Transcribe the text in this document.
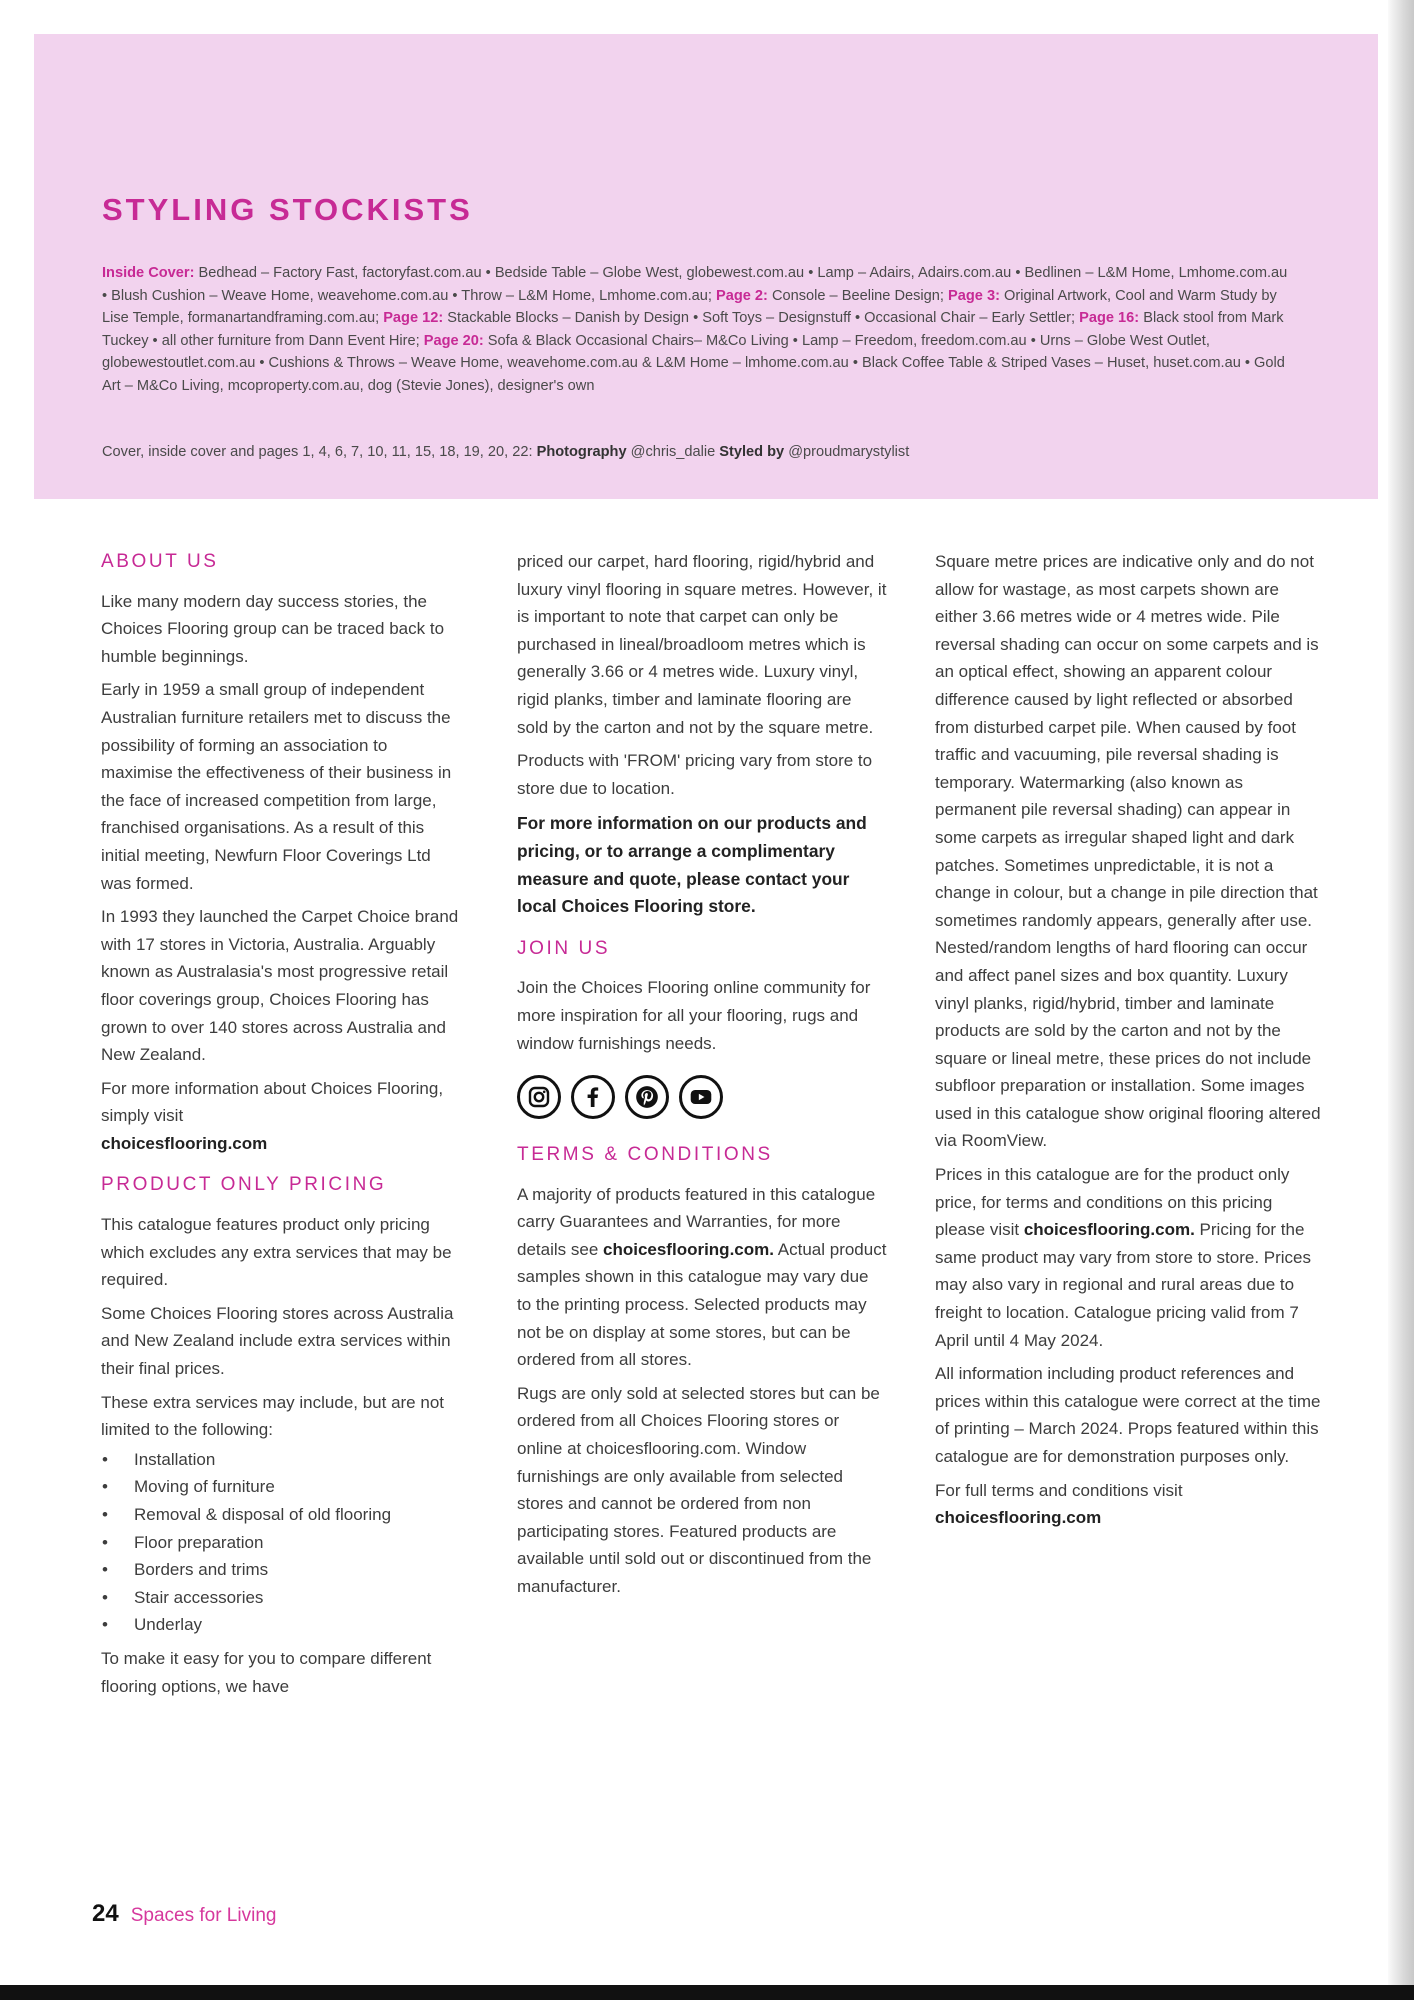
STYLING STOCKISTS

Inside Cover: Bedhead – Factory Fast, factoryfast.com.au • Bedside Table – Globe West, globewest.com.au • Lamp – Adairs, Adairs.com.au • Bedlinen – L&M Home, Lmhome.com.au • Blush Cushion – Weave Home, weavehome.com.au • Throw – L&M Home, Lmhome.com.au; Page 2: Console – Beeline Design; Page 3: Original Artwork, Cool and Warm Study by Lise Temple, formanartandframing.com.au; Page 12: Stackable Blocks – Danish by Design • Soft Toys – Designstuff • Occasional Chair – Early Settler; Page 16: Black stool from Mark Tuckey • all other furniture from Dann Event Hire; Page 20: Sofa & Black Occasional Chairs– M&Co Living • Lamp – Freedom, freedom.com.au • Urns – Globe West Outlet, globewestoutlet.com.au • Cushions & Throws – Weave Home, weavehome.com.au & L&M Home – lmhome.com.au • Black Coffee Table & Striped Vases – Huset, huset.com.au • Gold Art – M&Co Living, mcoproperty.com.au, dog (Stevie Jones), designer's own

Cover, inside cover and pages 1, 4, 6, 7, 10, 11, 15, 18, 19, 20, 22: Photography @chris_dalie Styled by @proudmarystylist

ABOUT US

Like many modern day success stories, the Choices Flooring group can be traced back to humble beginnings.

Early in 1959 a small group of independent Australian furniture retailers met to discuss the possibility of forming an association to maximise the effectiveness of their business in the face of increased competition from large, franchised organisations. As a result of this initial meeting, Newfurn Floor Coverings Ltd was formed.

In 1993 they launched the Carpet Choice brand with 17 stores in Victoria, Australia. Arguably known as Australasia's most progressive retail floor coverings group, Choices Flooring has grown to over 140 stores across Australia and New Zealand.

For more information about Choices Flooring, simply visit
choicesflooring.com

PRODUCT ONLY PRICING

This catalogue features product only pricing which excludes any extra services that may be required.

Some Choices Flooring stores across Australia and New Zealand include extra services within their final prices.

These extra services may include, but are not limited to the following:

• Installation
• Moving of furniture
• Removal & disposal of old flooring
• Floor preparation
• Borders and trims
• Stair accessories
• Underlay

To make it easy for you to compare different flooring options, we have

priced our carpet, hard flooring, rigid/hybrid and luxury vinyl flooring in square metres. However, it is important to note that carpet can only be purchased in lineal/broadloom metres which is generally 3.66 or 4 metres wide. Luxury vinyl, rigid planks, timber and laminate flooring are sold by the carton and not by the square metre.

Products with 'FROM' pricing vary from store to store due to location.

For more information on our products and pricing, or to arrange a complimentary measure and quote, please contact your local Choices Flooring store.

JOIN US

Join the Choices Flooring online community for more inspiration for all your flooring, rugs and window furnishings needs.

TERMS & CONDITIONS

A majority of products featured in this catalogue carry Guarantees and Warranties, for more details see choicesflooring.com. Actual product samples shown in this catalogue may vary due to the printing process. Selected products may not be on display at some stores, but can be ordered from all stores.

Rugs are only sold at selected stores but can be ordered from all Choices Flooring stores or online at choicesflooring.com. Window furnishings are only available from selected stores and cannot be ordered from non participating stores. Featured products are available until sold out or discontinued from the manufacturer.

Square metre prices are indicative only and do not allow for wastage, as most carpets shown are either 3.66 metres wide or 4 metres wide. Pile reversal shading can occur on some carpets and is an optical effect, showing an apparent colour difference caused by light reflected or absorbed from disturbed carpet pile. When caused by foot traffic and vacuuming, pile reversal shading is temporary. Watermarking (also known as permanent pile reversal shading) can appear in some carpets as irregular shaped light and dark patches. Sometimes unpredictable, it is not a change in colour, but a change in pile direction that sometimes randomly appears, generally after use. Nested/random lengths of hard flooring can occur and affect panel sizes and box quantity. Luxury vinyl planks, rigid/hybrid, timber and laminate products are sold by the carton and not by the square or lineal metre, these prices do not include subfloor preparation or installation. Some images used in this catalogue show original flooring altered via RoomView.

Prices in this catalogue are for the product only price, for terms and conditions on this pricing please visit choicesflooring.com. Pricing for the same product may vary from store to store. Prices may also vary in regional and rural areas due to freight to location. Catalogue pricing valid from 7 April until 4 May 2024.

All information including product references and prices within this catalogue were correct at the time of printing – March 2024. Props featured within this catalogue are for demonstration purposes only.

For full terms and conditions visit
choicesflooring.com

24 Spaces for Living
